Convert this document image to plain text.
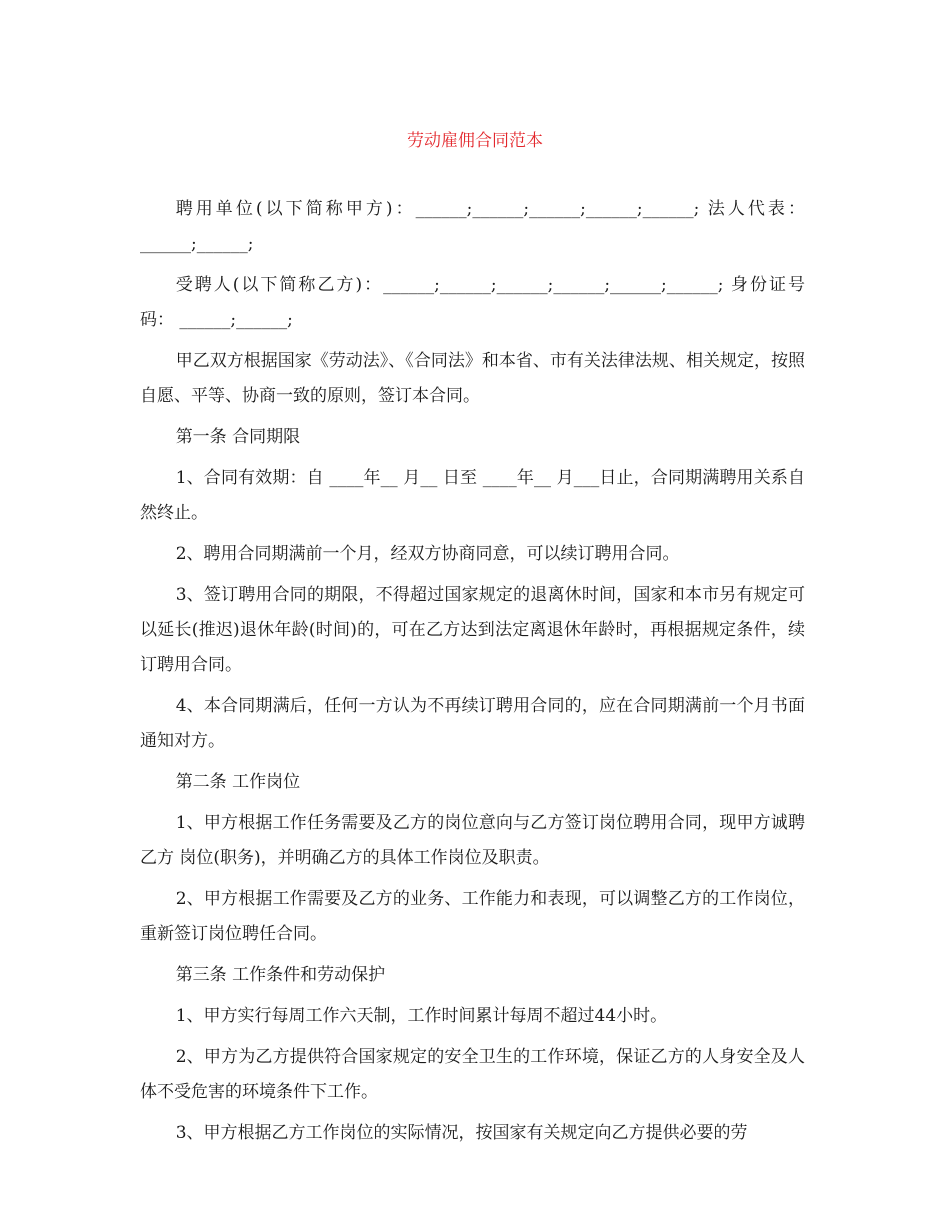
劳动雇佣合同范本

聘用单位(以下简称甲方)：______;______;______;______;______; 法人代表： ______;______;

受聘人(以下简称乙方)：______;______;______;______;______;______; 身份证号码： ______;______;

甲乙双方根据国家《劳动法》、《合同法》和本省、市有关法律法规、相关规定，按照自愿、平等、协商一致的原则，签订本合同。

第一条 合同期限

1、合同有效期：自 ____年__ 月__ 日至 ____年__ 月___日止，合同期满聘用关系自然终止。

2、聘用合同期满前一个月，经双方协商同意，可以续订聘用合同。

3、签订聘用合同的期限，不得超过国家规定的退离休时间，国家和本市另有规定可以延长(推迟)退休年龄(时间)的，可在乙方达到法定离退休年龄时，再根据规定条件，续订聘用合同。

4、本合同期满后，任何一方认为不再续订聘用合同的，应在合同期满前一个月书面通知对方。

第二条 工作岗位

1、甲方根据工作任务需要及乙方的岗位意向与乙方签订岗位聘用合同，现甲方诚聘乙方 岗位(职务)，并明确乙方的具体工作岗位及职责。

2、甲方根据工作需要及乙方的业务、工作能力和表现，可以调整乙方的工作岗位，重新签订岗位聘任合同。

第三条 工作条件和劳动保护

1、甲方实行每周工作六天制，工作时间累计每周不超过44小时。

2、甲方为乙方提供符合国家规定的安全卫生的工作环境，保证乙方的人身安全及人体不受危害的环境条件下工作。

3、甲方根据乙方工作岗位的实际情况，按国家有关规定向乙方提供必要的劳
